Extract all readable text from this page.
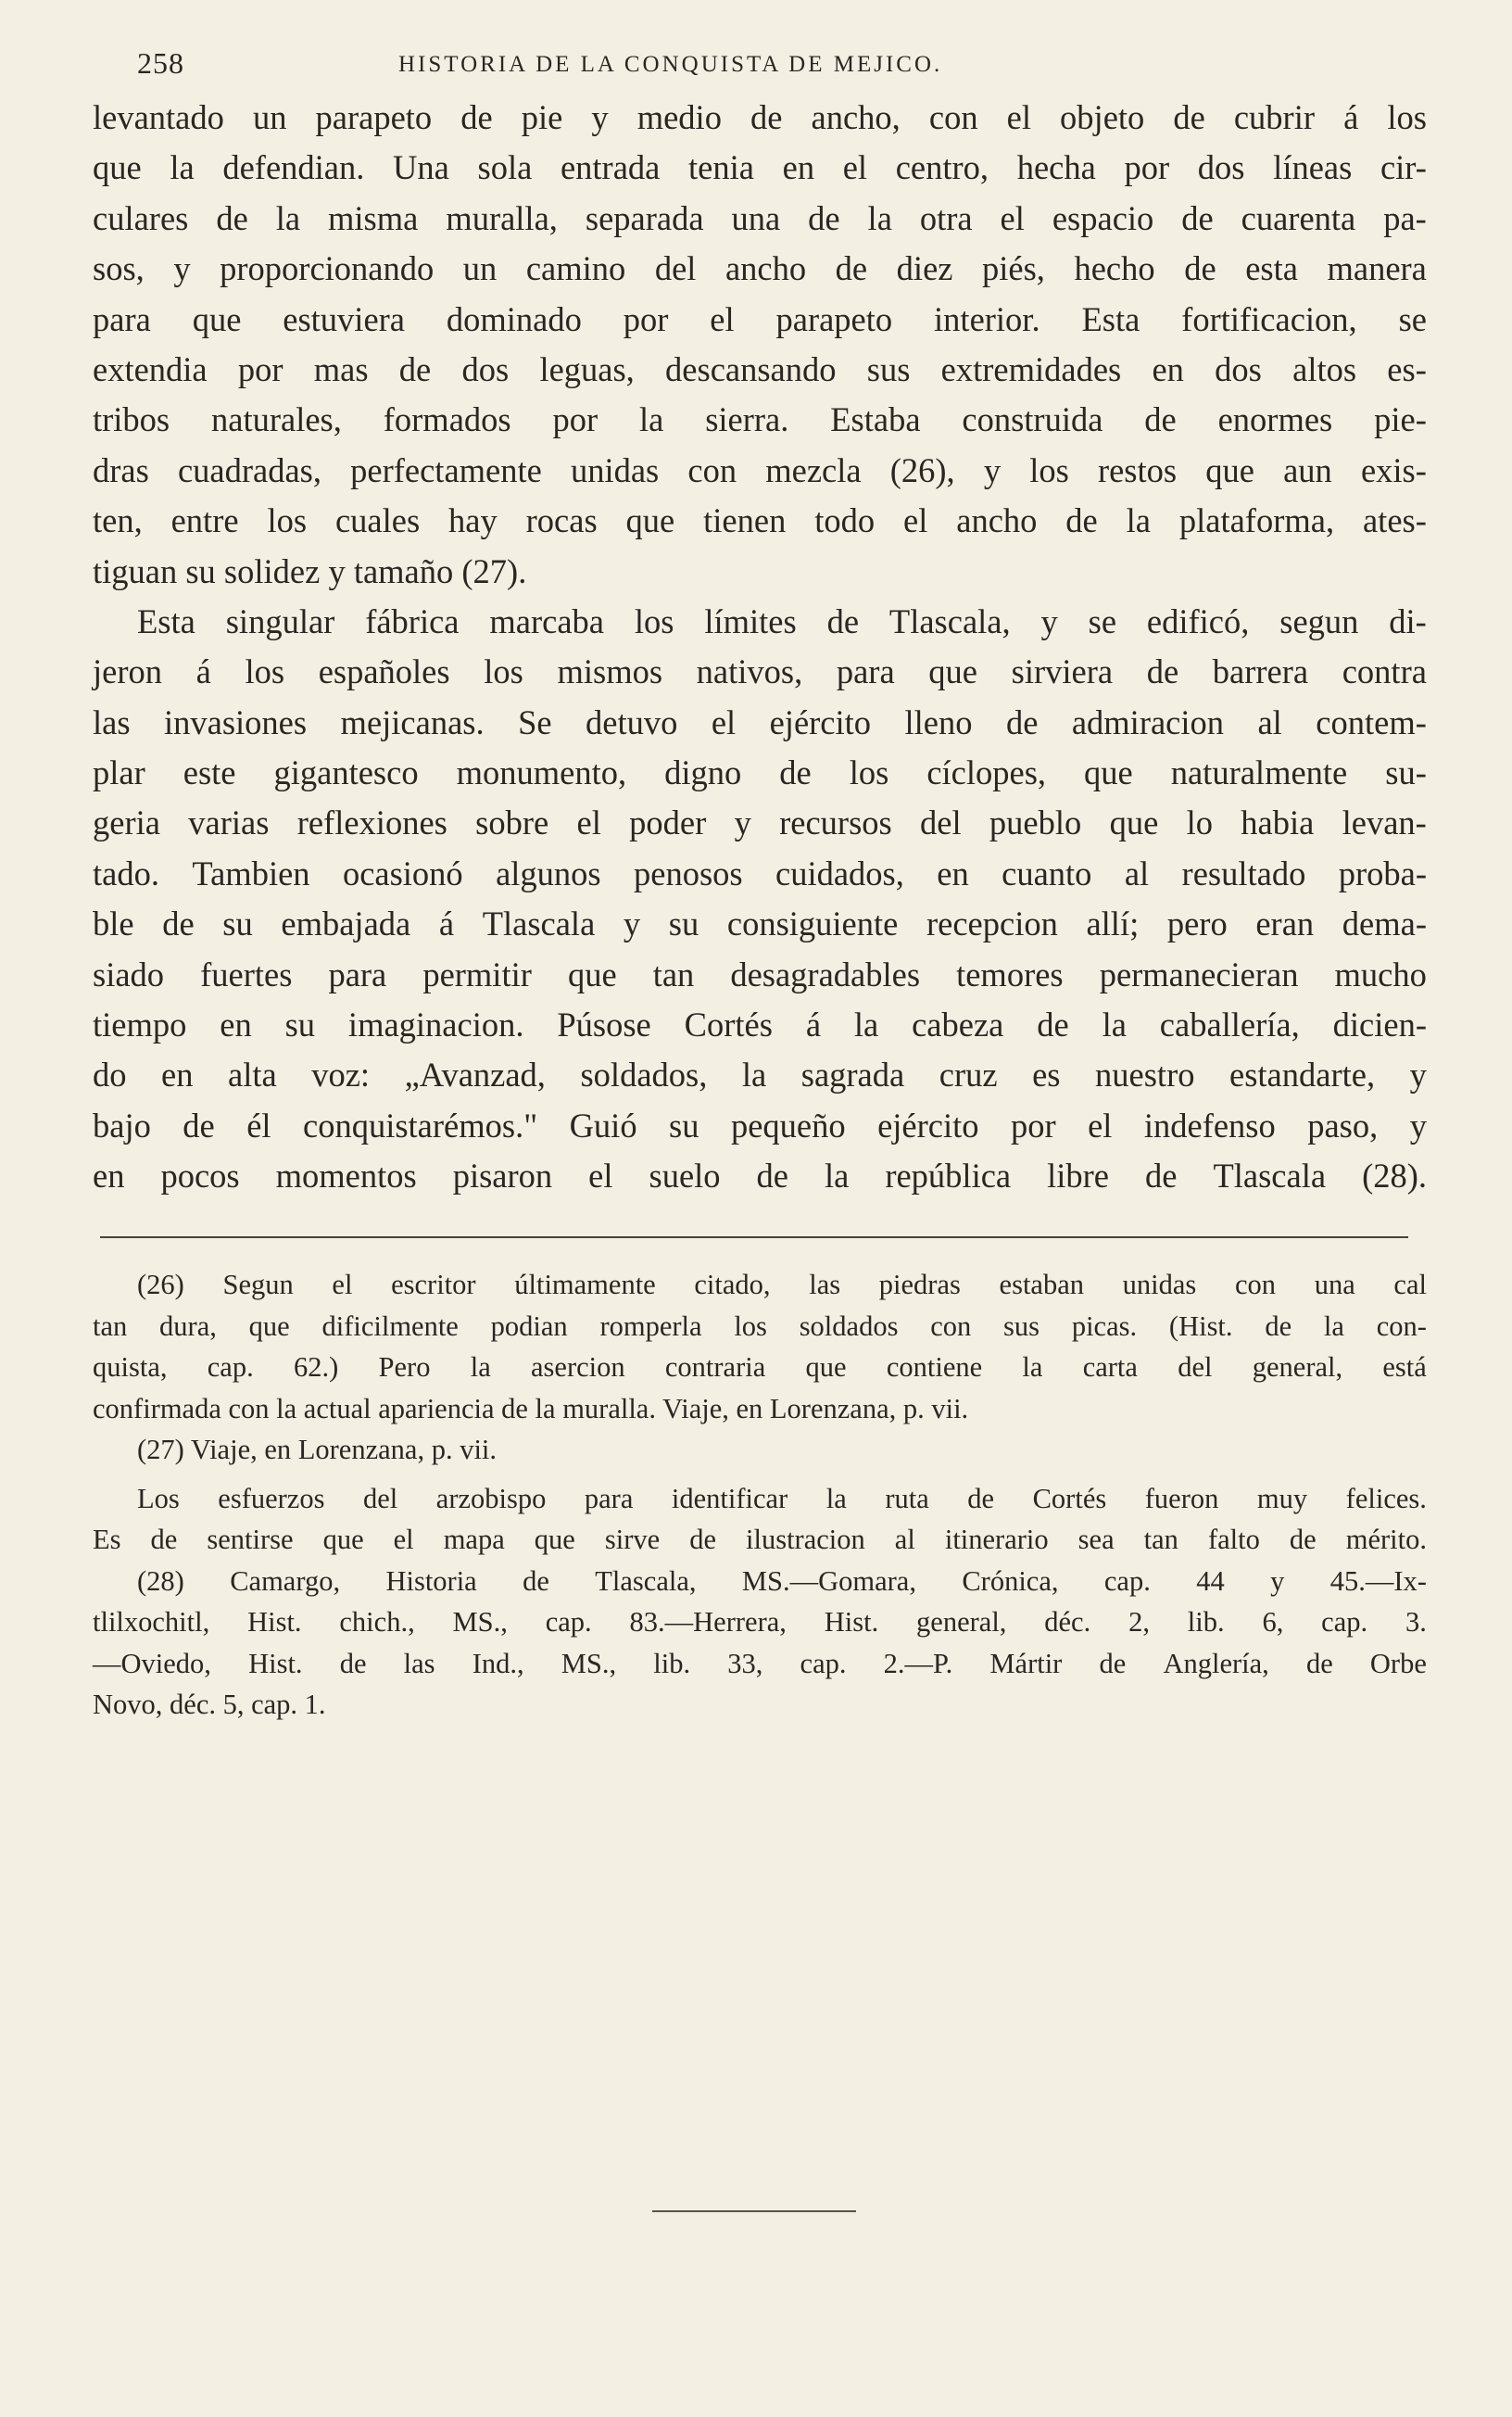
258	HISTORIA DE LA CONQUISTA DE MEJICO.
levantado un parapeto de pie y medio de ancho, con el objeto de cubrir á los
que la defendian. Una sola entrada tenia en el centro, hecha por dos líneas cir-
culares de la misma muralla, separada una de la otra el espacio de cuarenta pa-
sos, y proporcionando un camino del ancho de diez piés, hecho de esta manera
para que estuviera dominado por el parapeto interior. Esta fortificacion, se
extendia por mas de dos leguas, descansando sus extremidades en dos altos es-
tribos naturales, formados por la sierra. Estaba construida de enormes pie-
dras cuadradas, perfectamente unidas con mezcla (26), y los restos que aun exis-
ten, entre los cuales hay rocas que tienen todo el ancho de la plataforma, ates-
tiguan su solidez y tamaño (27).
Esta singular fábrica marcaba los límites de Tlascala, y se edificó, segun di-
jeron á los españoles los mismos nativos, para que sirviera de barrera contra
las invasiones mejicanas. Se detuvo el ejército lleno de admiracion al contem-
plar este gigantesco monumento, digno de los cíclopes, que naturalmente su-
geria varias reflexiones sobre el poder y recursos del pueblo que lo habia levan-
tado. Tambien ocasionó algunos penosos cuidados, en cuanto al resultado proba-
ble de su embajada á Tlascala y su consiguiente recepcion allí; pero eran dema-
siado fuertes para permitir que tan desagradables temores permanecieran mucho
tiempo en su imaginacion. Púsose Cortés á la cabeza de la caballería, dicien-
do en alta voz: „Avanzad, soldados, la sagrada cruz es nuestro estandarte, y
bajo de él conquistarémos." Guió su pequeño ejército por el indefenso paso, y
en pocos momentos pisaron el suelo de la república libre de Tlascala (28).
(26) Segun el escritor últimamente citado, las piedras estaban unidas con una cal
tan dura, que dificilmente podian romperla los soldados con sus picas. (Hist. de la con-
quista, cap. 62.) Pero la asercion contraria que contiene la carta del general, está
confirmada con la actual apariencia de la muralla. Viaje, en Lorenzana, p. vii.
(27) Viaje, en Lorenzana, p. vii.
Los esfuerzos del arzobispo para identificar la ruta de Cortés fueron muy felices.
Es de sentirse que el mapa que sirve de ilustracion al itinerario sea tan falto de mérito.
(28) Camargo, Historia de Tlascala, MS.—Gomara, Crónica, cap. 44 y 45.—Ix-
tlilxochitl, Hist. chich., MS., cap. 83.—Herrera, Hist. general, déc. 2, lib. 6, cap. 3.
—Oviedo, Hist. de las Ind., MS., lib. 33, cap. 2.—P. Mártir de Anglería, de Orbe
Novo, déc. 5, cap. 1.
